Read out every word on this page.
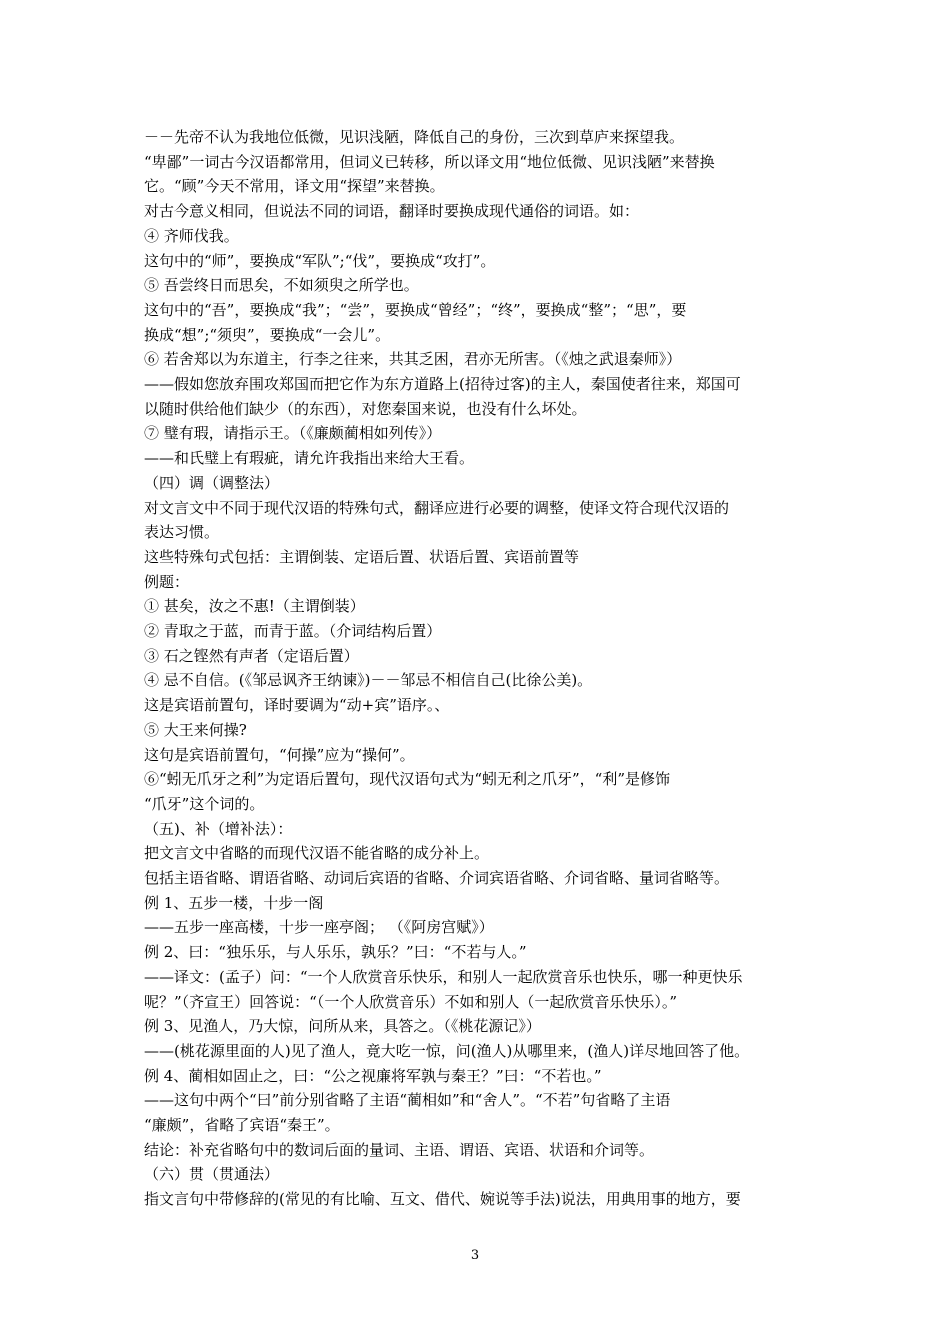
－－先帝不认为我地位低微，见识浅陋，降低自己的身份，三次到草庐来探望我。
“卑鄙”一词古今汉语都常用，但词义已转移，所以译文用“地位低微、见识浅陋”来替换
它。“顾”今天不常用，译文用“探望”来替换。
对古今意义相同，但说法不同的词语，翻译时要换成现代通俗的词语。如：
④ 齐师伐我。
这句中的“师”，要换成“军队”;“伐”，要换成“攻打”。
⑤ 吾尝终日而思矣，不如须臾之所学也。
这句中的“吾”，要换成“我”；“尝”，要换成“曾经”；“终”，要换成“整”；“思”，要
换成“想”;“须臾”，要换成“一会儿”。
⑥ 若舍郑以为东道主，行李之往来，共其乏困，君亦无所害。（《烛之武退秦师》）
——假如您放弃围攻郑国而把它作为东方道路上(招待过客)的主人，秦国使者往来，郑国可
以随时供给他们缺少（的东西），对您秦国来说，也没有什么坏处。
⑦ 璧有瑕，请指示王。（《廉颇蔺相如列传》）
——和氏璧上有瑕疵，请允许我指出来给大王看。
（四）调（调整法）
对文言文中不同于现代汉语的特殊句式，翻译应进行必要的调整，使译文符合现代汉语的
表达习惯。
这些特殊句式包括：主谓倒装、定语后置、状语后置、宾语前置等
例题：
① 甚矣，汝之不惠!（主谓倒装）
② 青取之于蓝，而青于蓝。（介词结构后置）
③ 石之铿然有声者（定语后置）
④ 忌不自信。(《邹忌讽齐王纳谏》)－－邹忌不相信自己(比徐公美)。
这是宾语前置句，译时要调为“动+宾”语序。、
⑤ 大王来何操?
这句是宾语前置句，“何操”应为“操何”。
⑥“蚓无爪牙之利”为定语后置句，现代汉语句式为“蚓无利之爪牙”，“利”是修饰
“爪牙”这个词的。
（五)、补（增补法）：
把文言文中省略的而现代汉语不能省略的成分补上。
包括主语省略、谓语省略、动词后宾语的省略、介词宾语省略、介词省略、量词省略等。
例 1、五步一楼，十步一阁
——五步一座高楼，十步一座亭阁； （《阿房宫赋》）
例 2、曰：“独乐乐，与人乐乐，孰乐？”曰：“不若与人。”
——译文：(孟子）问：“一个人欣赏音乐快乐，和别人一起欣赏音乐也快乐，哪一种更快乐
呢？”（齐宣王）回答说：“（一个人欣赏音乐）不如和别人（一起欣赏音乐快乐）。”
例 3、见渔人，乃大惊，问所从来，具答之。（《桃花源记》）
——(桃花源里面的人)见了渔人，竟大吃一惊，问(渔人)从哪里来，(渔人)详尽地回答了他。
例 4、蔺相如固止之，曰：“公之视廉将军孰与秦王？”曰：“不若也。”
——这句中两个“曰”前分别省略了主语“蔺相如”和“舍人”。“不若”句省略了主语
“廉颇”，省略了宾语“秦王”。
结论：补充省略句中的数词后面的量词、主语、谓语、宾语、状语和介词等。
（六）贯（贯通法）
指文言句中带修辞的(常见的有比喻、互文、借代、婉说等手法)说法，用典用事的地方，要
3
